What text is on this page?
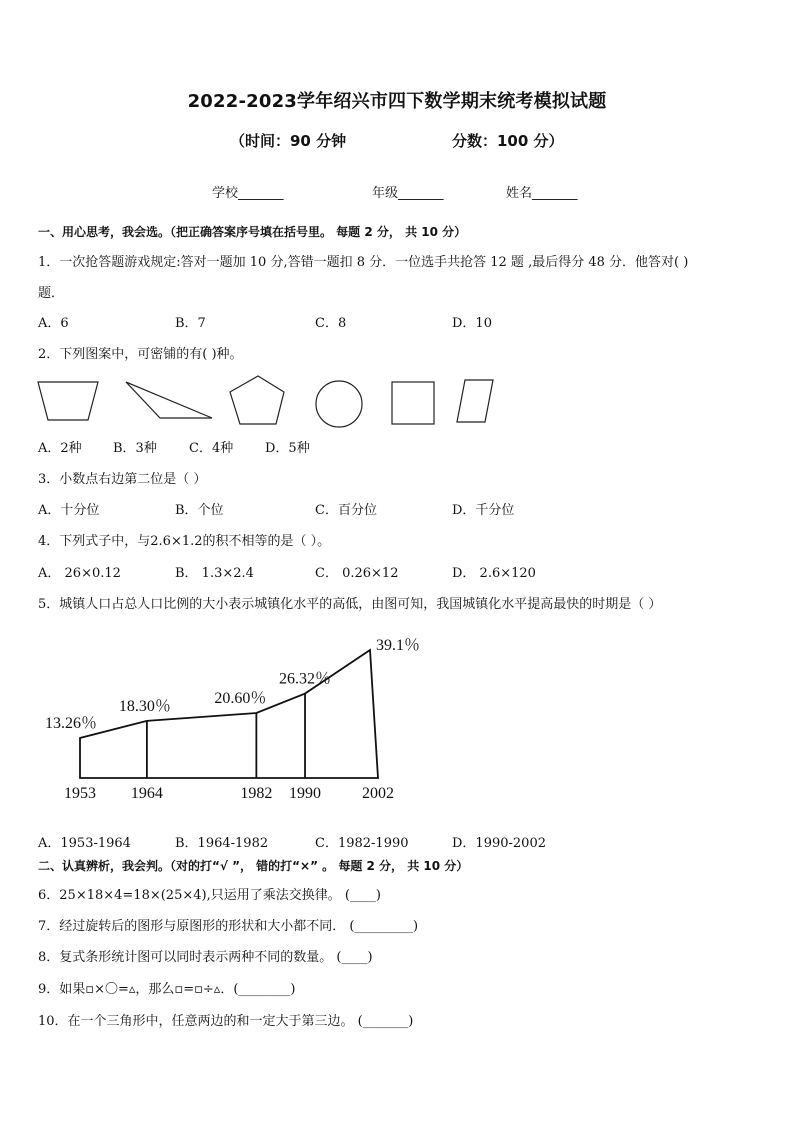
2022-2023学年绍兴市四下数学期末统考模拟试题
（时间：90 分钟	分数：100 分）
学校_______	年级_______	姓名_______
一、用心思考，我会选。（把正确答案序号填在括号里。 每题 2 分， 共 10 分）
1．一次抢答题游戏规定:答对一题加 10 分,答错一题扣 8 分．一位选手共抢答 12 题 ,最后得分 48 分．他答对( )
题．
A．6	B．7	C．8	D．10
2．下列图案中，可密铺的有( )种。
A．2种 B．3种 C．4种 D．5种
3．小数点右边第二位是（ ）
A．十分位	B．个位	C．百分位	D．千分位
4．下列式子中，与2.6×1.2的积不相等的是（ ）。
A． 26×0.12	B． 1.3×2.4	C． 0.26×12	D． 2.6×120
5．城镇人口占总人口比例的大小表示城镇化水平的高低，由图可知，我国城镇化水平提高最快的时期是（ ）
13.26％
18.30％	20.60％
26.32％
39.1％
1953 1964	1982 1990	2002
A．1953-1964	B．1964-1982	C．1982-1990	D．1990-2002
二、认真辨析，我会判。（对的打“√ ”， 错的打“×” 。 每题 2 分， 共 10 分）
6．25×18×4=18×(25×4),只运用了乘法交换律。 (____)
7．经过旋转后的图形与原图形的形状和大小都不同． (_________)
8．复式条形统计图可以同时表示两种不同的数量。 (____)
9．如果▫×〇=▵，那么▫=▫÷▵．(________)
10．在一个三角形中，任意两边的和一定大于第三边。 (_______)
